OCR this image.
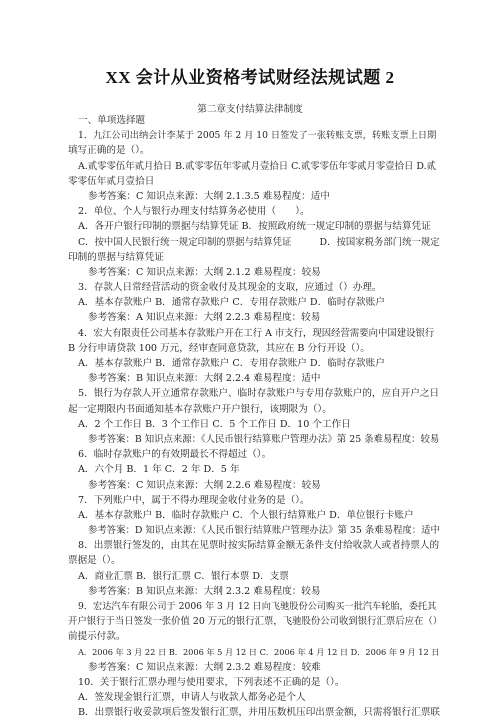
XX 会计从业资格考试财经法规试题 2
第二章支付结算法律制度
一、单项选择题
1．九江公司出纳会计李某于 2005 年 2 月 10 日签发了一张转账支票，转账支票上日期
填写正确的是（）。
A.贰零零伍年贰月拾日 B.贰零零伍年零贰月壹拾日 C.贰零零伍年零贰月零壹拾日 D.贰
零零伍年贰月壹拾日
参考答案：C 知识点来源：大纲 2.1.3.5 难易程度：适中
2．单位、个人与银行办理支付结算务必使用（　　）。
A．各开户银行印制的票据与结算凭证 B．按照政府统一规定印制的票据与结算凭证
C．按中国人民银行统一规定印制的票据与结算凭证　　　D．按国家税务部门统一规定
印制的票据与结算凭证
参考答案：C 知识点来源：大纲 2.1.2 难易程度：较易
3．存款人日常经营活动的资金收付及其现金的支取，应通过（）办理。
A．基本存款账户 B．通常存款账户 C．专用存款账户 D．临时存款账户
参考答案：A 知识点来源：大纲 2.2.3 难易程度：较易
4．宏大有限责任公司基本存款账户开在工行 A 市支行，现因经营需要向中国建设银行
B 分行申请贷款 100 万元，经审查同意贷款，其应在 B 分行开设（）。
A．基本存款账户 B．通常存款账户 C．专用存款账户 D．临时存款账户
参考答案：B 知识点来源：大纲 2.2.4 难易程度：适中
5．银行为存款人开立通常存款账户、临时存款账户与专用存款账户的，应自开户之日
起一定期限内书面通知基本存款账户开户银行，该期限为（）。
A．2 个工作日 B．3 个工作日 C．5 个工作日 D．10 个工作日
参考答案：B 知识点来源：《人民币银行结算账户管理办法》第 25 条难易程度：较易
6．临时存款账户的有效期最长不得超过（）。
A．六个月 B．1 年 C．2 年 D．5 年
参考答案：C 知识点来源：大纲 2.2.6 难易程度：较易
7．下列账户中，属于不得办理现金收付业务的是（）。
A．基本存款账户 B．临时存款账户 C．个人银行结算账户 D．单位银行卡账户
参考答案：D 知识点来源：《人民币银行结算账户管理办法》第 35 条难易程度：适中
8．出票银行签发的，由其在见票时按实际结算金额无条件支付给收款人或者持票人的
票据是（）。
A．商业汇票 B．银行汇票 C．银行本票 D．支票
参考答案：B 知识点来源：大纲 2.3.2 难易程度：较易
9．宏达汽车有限公司于 2006 年 3 月 12 日向飞驰股份公司购买一批汽车轮胎，委托其
开户银行于当日签发一张价值 20 万元的银行汇票，飞驰股份公司收到银行汇票后应在（）
前提示付款。
A．2006 年 3 月 22 日 B．2006 年 5 月 12 日 C．2006 年 4 月 12 日 D．2006 年 9 月 12 日
参考答案：C 知识点来源：大纲 2.3.2 难易程度：较难
10．关于银行汇票办理与使用要求，下列表述不正确的是（）。
A．签发现金银行汇票，申请人与收款人都务必是个人
B．出票银行收妥款项后签发银行汇票，并用压数机压印出票金额，只需将银行汇票联
